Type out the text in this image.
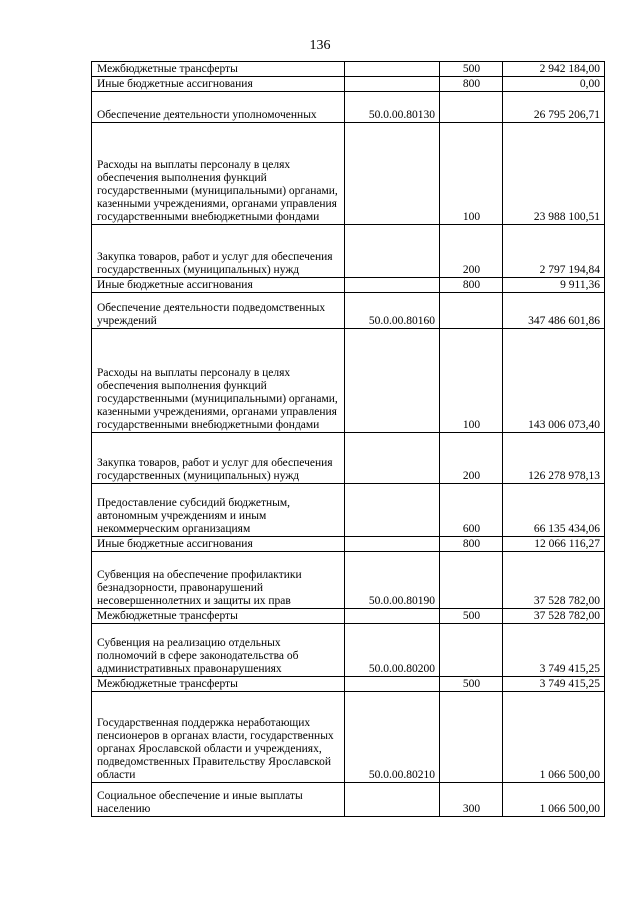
136
Межбюджетные трансферты		500	2 942 184,00
Иные бюджетные ассигнования		800	0,00
Обеспечение деятельности уполномоченных	50.0.00.80130		26 795 206,71
Расходы на выплаты персоналу в целях обеспечения выполнения функций государственными (муниципальными) органами, казенными учреждениями, органами управления государственными внебюджетными фондами		100	23 988 100,51
Закупка товаров, работ и услуг для обеспечения государственных (муниципальных) нужд		200	2 797 194,84
Иные бюджетные ассигнования		800	9 911,36
Обеспечение деятельности подведомственных учреждений	50.0.00.80160		347 486 601,86
Расходы на выплаты персоналу в целях обеспечения выполнения функций государственными (муниципальными) органами, казенными учреждениями, органами управления государственными внебюджетными фондами		100	143 006 073,40
Закупка товаров, работ и услуг для обеспечения государственных (муниципальных) нужд		200	126 278 978,13
Предоставление субсидий бюджетным, автономным учреждениям и иным некоммерческим организациям		600	66 135 434,06
Иные бюджетные ассигнования		800	12 066 116,27
Субвенция на обеспечение профилактики безнадзорности, правонарушений несовершеннолетних и защиты их прав	50.0.00.80190		37 528 782,00
Межбюджетные трансферты		500	37 528 782,00
Субвенция на реализацию отдельных полномочий в сфере законодательства об административных правонарушениях	50.0.00.80200		3 749 415,25
Межбюджетные трансферты		500	3 749 415,25
Государственная поддержка неработающих пенсионеров в органах власти, государственных органах Ярославской области и учреждениях, подведомственных Правительству Ярославской области	50.0.00.80210		1 066 500,00
Социальное обеспечение и иные выплаты населению		300	1 066 500,00
